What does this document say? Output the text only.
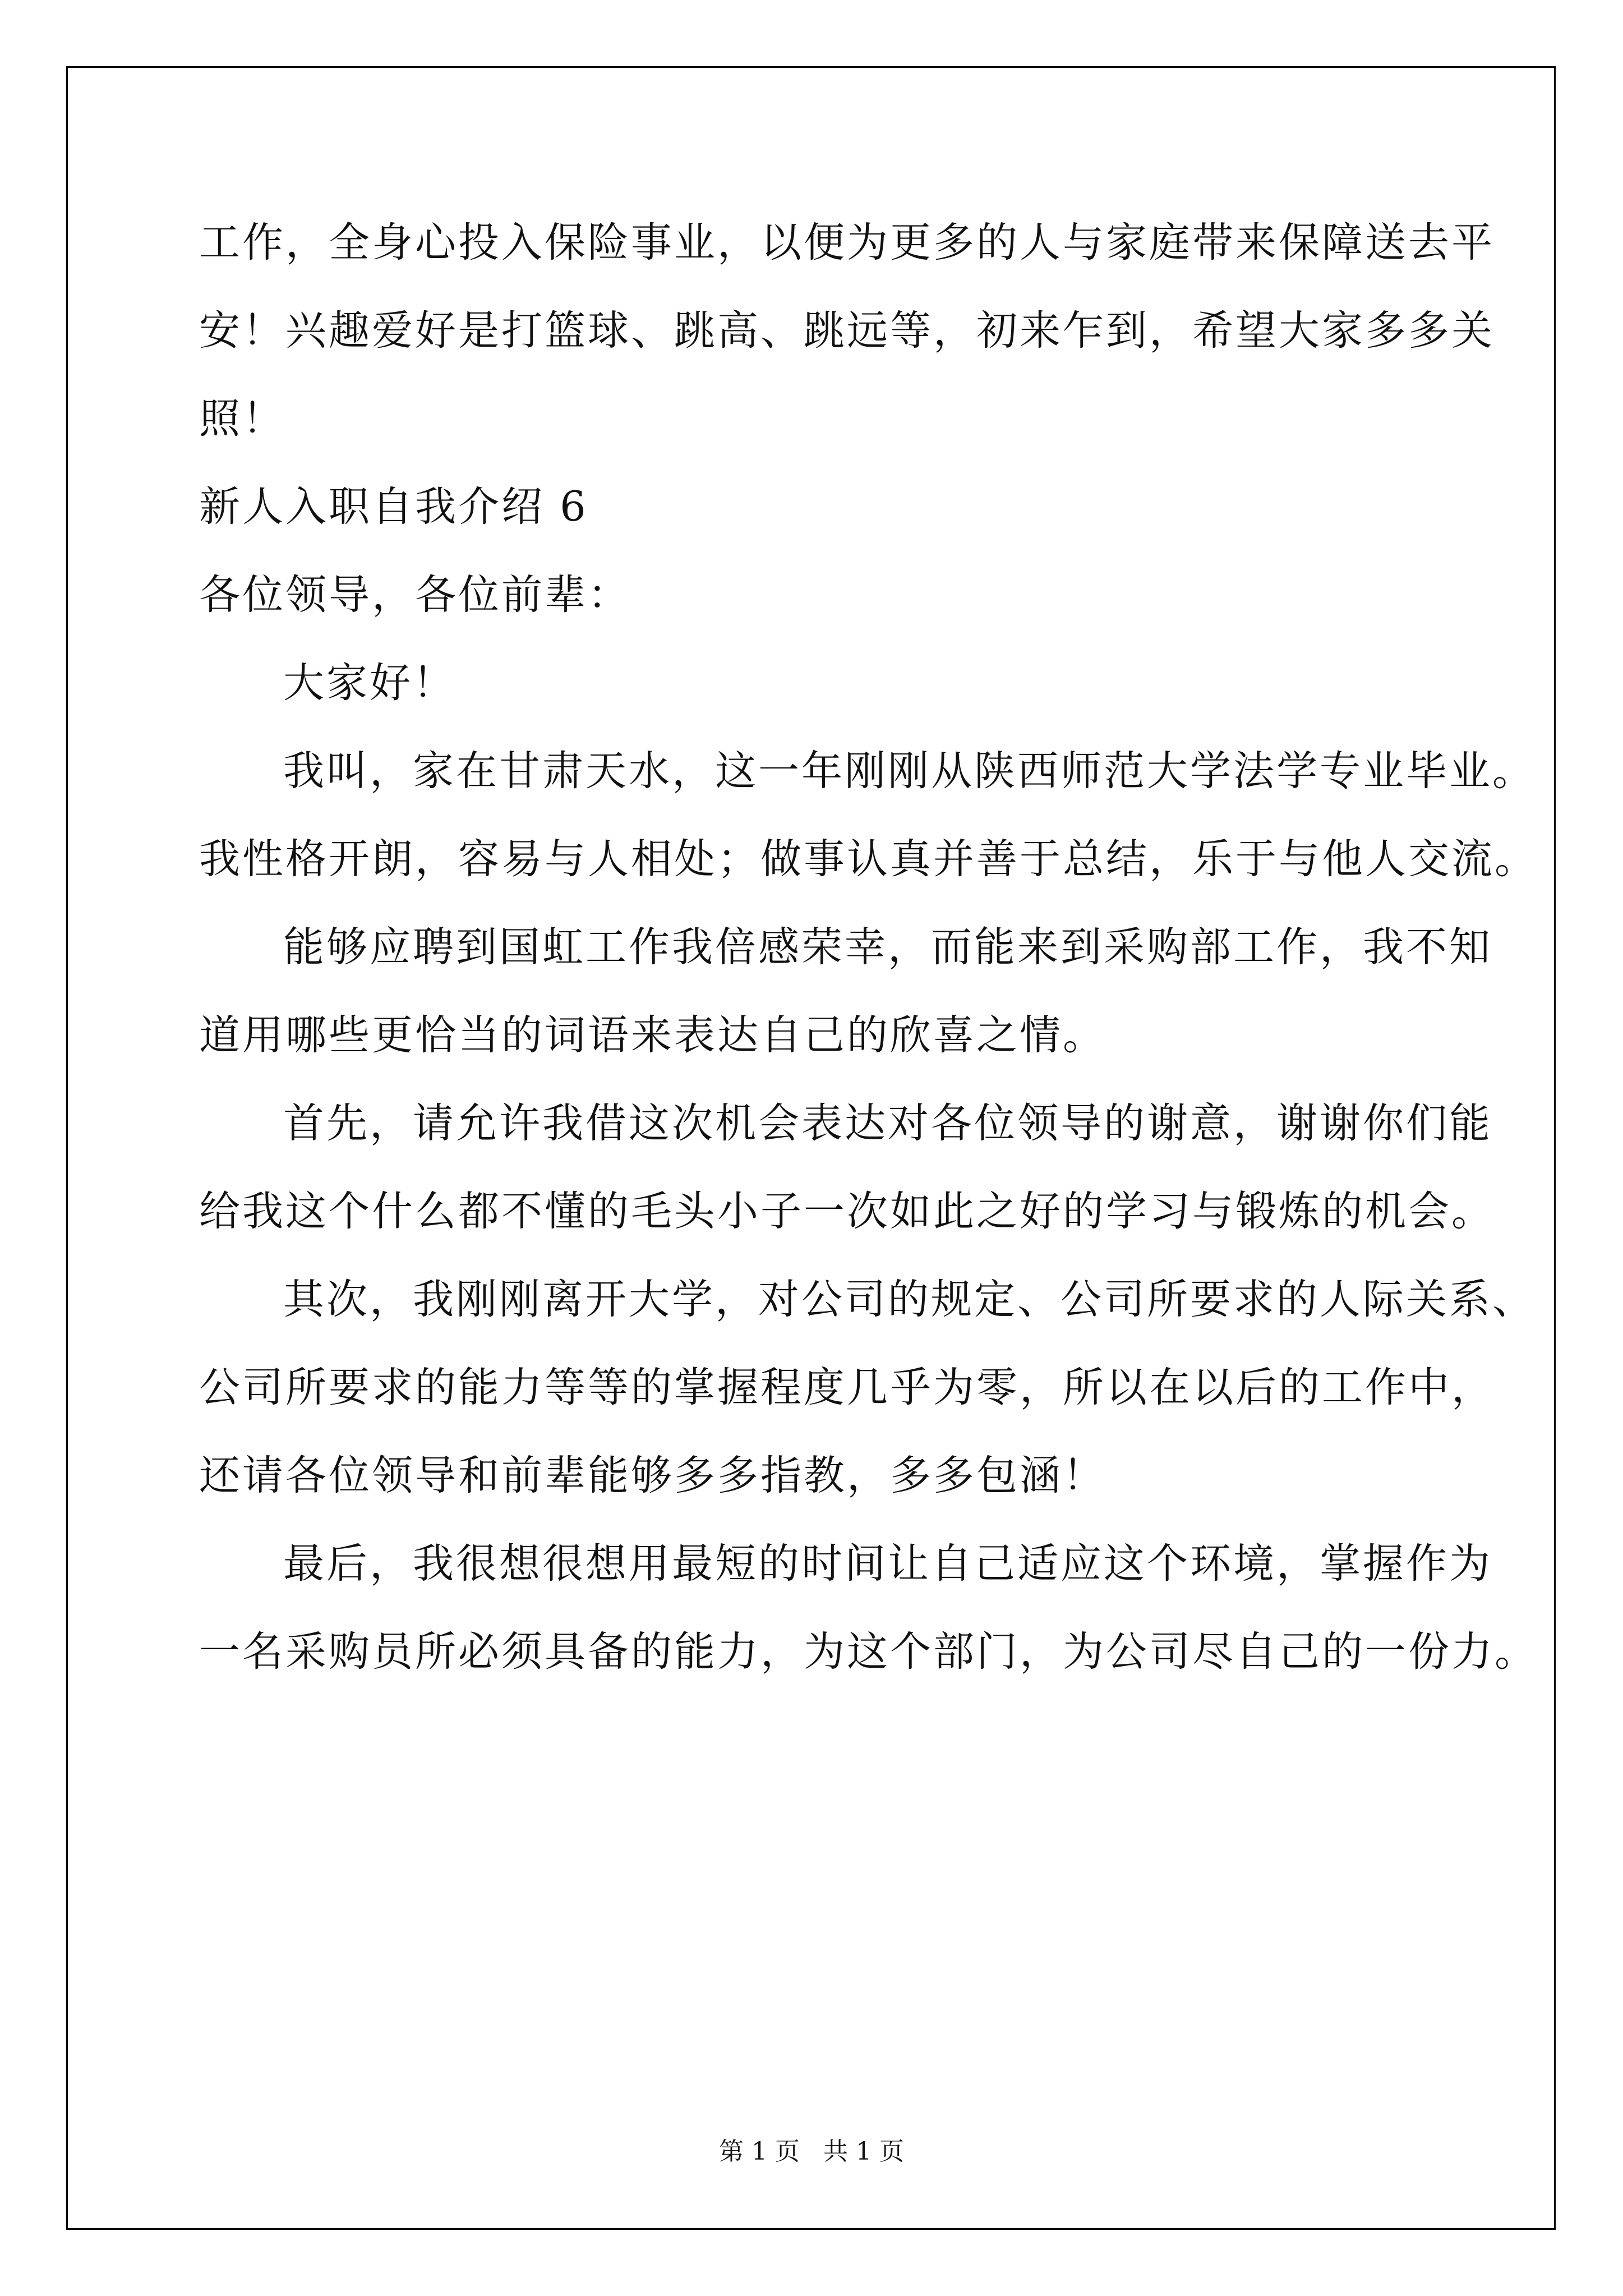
工作，全身心投入保险事业，以便为更多的人与家庭带来保障送去平
安！兴趣爱好是打篮球、跳高、跳远等，初来乍到，希望大家多多关
照！
新人入职自我介绍 6
各位领导，各位前辈：
大家好！
我叫，家在甘肃天水，这一年刚刚从陕西师范大学法学专业毕业。
我性格开朗，容易与人相处；做事认真并善于总结，乐于与他人交流。
能够应聘到国虹工作我倍感荣幸，而能来到采购部工作，我不知
道用哪些更恰当的词语来表达自己的欣喜之情。
首先，请允许我借这次机会表达对各位领导的谢意，谢谢你们能
给我这个什么都不懂的毛头小子一次如此之好的学习与锻炼的机会。
其次，我刚刚离开大学，对公司的规定、公司所要求的人际关系、
公司所要求的能力等等的掌握程度几乎为零，所以在以后的工作中，
还请各位领导和前辈能够多多指教，多多包涵！
最后，我很想很想用最短的时间让自己适应这个环境，掌握作为
一名采购员所必须具备的能力，为这个部门，为公司尽自己的一份力。
第 1 页   共 1 页
